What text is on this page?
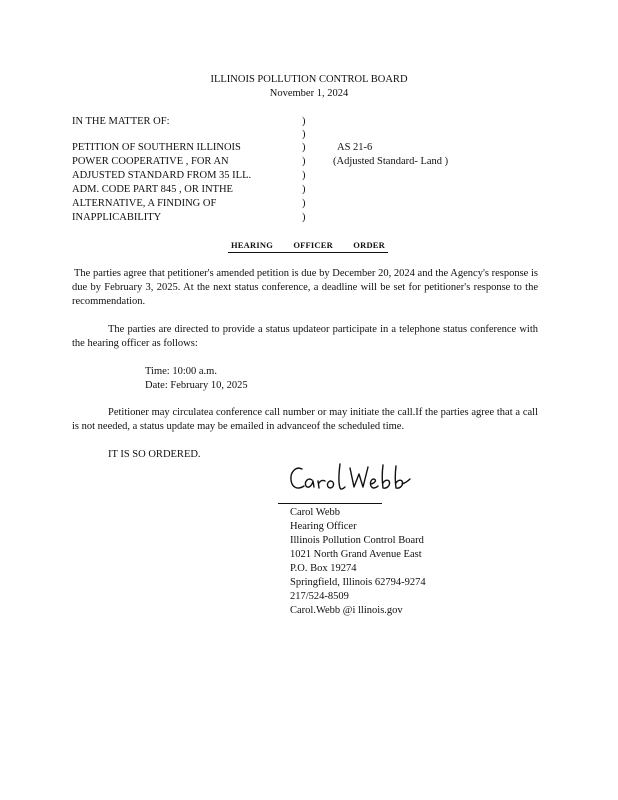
ILLINOIS POLLUTION CONTROL BOARD
November 1, 2024
IN THE MATTER OF:
PETITION OF SOUTHERN ILLINOIS
POWER COOPERATIVE , FOR AN
ADJUSTED STANDARD FROM 35 ILL.
ADM. CODE PART 845 , OR INTHE
ALTERNATIVE, A FINDING OF
INAPPLICABILITY
)
)
)
)
)
)
)
)
AS 21-6
(Adjusted Standard- Land )
HEARING OFFICER ORDER
The parties agree that petitioner's amended petition is due by December 20, 2024 and the Agency's response is due by February 3, 2025. At the next status conference, a deadline will be set for petitioner's response to the recommendation.
The parties are directed to provide a status updateor participate in a telephone status conference with the hearing officer as follows:
Time: 10:00 a.m.
Date: February 10, 2025
Petitioner may circulatea conference call number or may initiate the call.If the parties agree that a call is not needed, a status update may be emailed in advanceof the scheduled time.
IT IS SO ORDERED.
Carol Webb
Hearing Officer
Illinois Pollution Control Board
1021 North Grand Avenue East
P.O. Box 19274
Springfield, Illinois 62794-9274
217/524-8509
Carol.Webb @i llinois.gov
